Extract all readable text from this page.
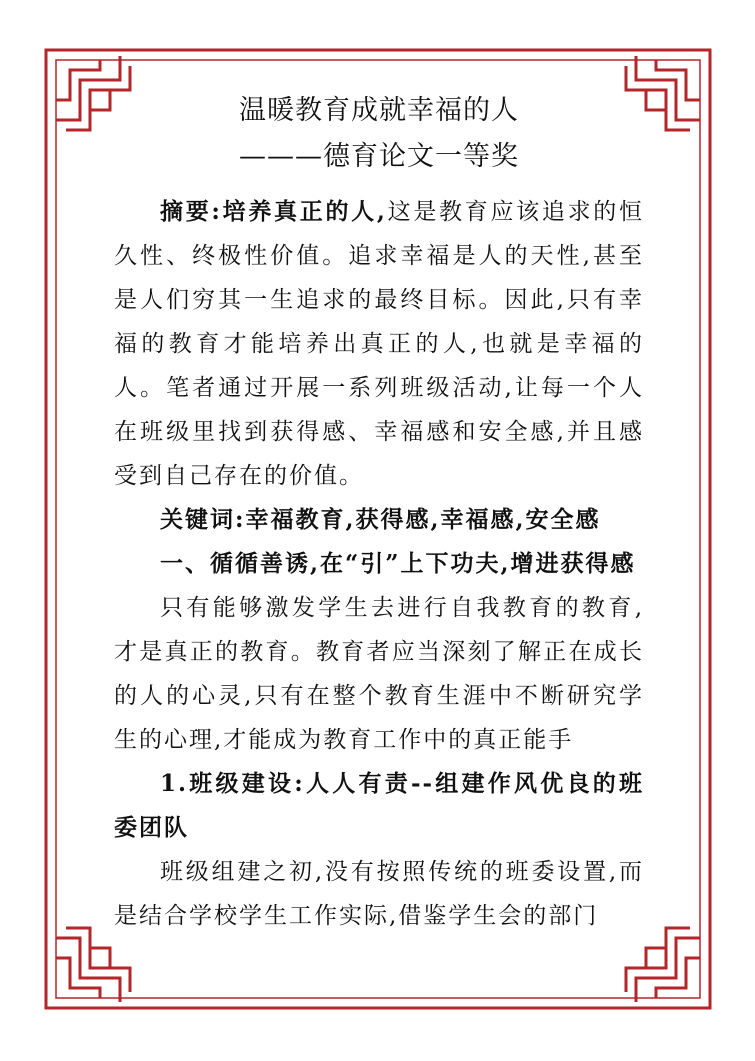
温暖教育成就幸福的人
———德育论文一等奖

摘要:培养真正的人,这是教育应该追求的恒久性、终极性价值。追求幸福是人的天性,甚至是人们穷其一生追求的最终目标。因此,只有幸福的教育才能培养出真正的人,也就是幸福的人。笔者通过开展一系列班级活动,让每一个人在班级里找到获得感、幸福感和安全感,并且感受到自己存在的价值。

关键词:幸福教育,获得感,幸福感,安全感

一、循循善诱,在“引”上下功夫,增进获得感

只有能够激发学生去进行自我教育的教育,才是真正的教育。教育者应当深刻了解正在成长的人的心灵,只有在整个教育生涯中不断研究学生的心理,才能成为教育工作中的真正能手

1.班级建设:人人有责--组建作风优良的班委团队

班级组建之初,没有按照传统的班委设置,而是结合学校学生工作实际,借鉴学生会的部门
